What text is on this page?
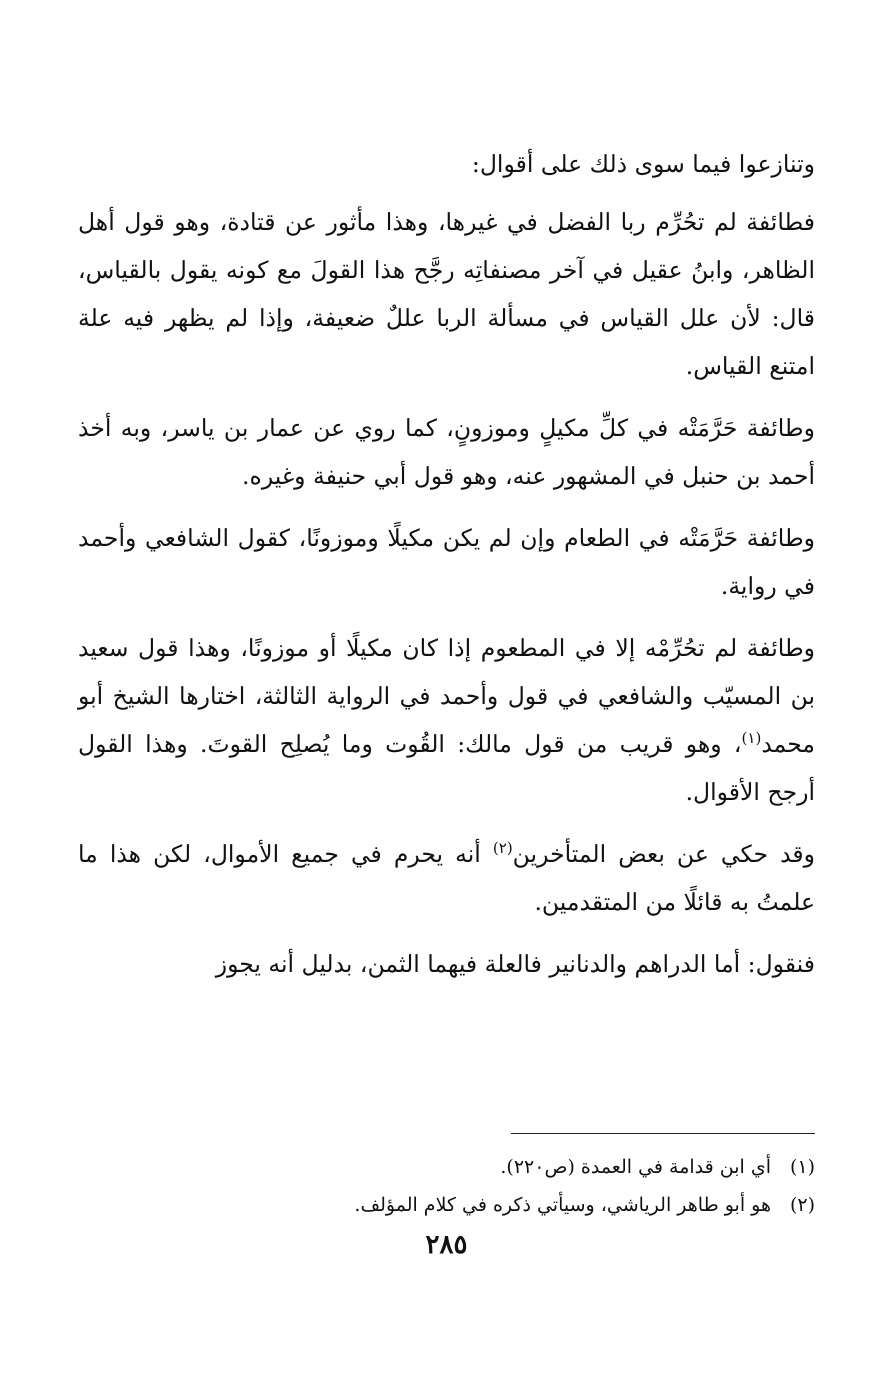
وتنازعوا فيما سوى ذلك على أقوال:

فطائفة لم تحُرِّم ربا الفضل في غيرها، وهذا مأثور عن قتادة، وهو قول أهل الظاهر، وابنُ عقيل في آخر مصنفاتِه رجَّح هذا القولَ مع كونه يقول بالقياس، قال: لأن علل القياس في مسألة الربا عللٌ ضعيفة، وإذا لم يظهر فيه علة امتنع القياس.

وطائفة حَرَّمَتْه في كلِّ مكيلٍ وموزونٍ، كما روي عن عمار بن ياسر، وبه أخذ أحمد بن حنبل في المشهور عنه، وهو قول أبي حنيفة وغيره.

وطائفة حَرَّمَتْه في الطعام وإن لم يكن مكيلًا وموزونًا، كقول الشافعي وأحمد في رواية.

وطائفة لم تحُرِّمْه إلا في المطعوم إذا كان مكيلًا أو موزونًا، وهذا قول سعيد بن المسيّب والشافعي في قول وأحمد في الرواية الثالثة، اختارها الشيخ أبو محمد$^{(١)}$، وهو قريب من قول مالك: القُوت وما يُصلِح القوتَ. وهذا القول أرجح الأقوال.

وقد حكي عن بعض المتأخرين$^{(٢)}$ أنه يحرم في جميع الأموال، لكن هذا ما علمتُ به قائلًا من المتقدمين.

فنقول: أما الدراهم والدنانير فالعلة فيهما الثمن، بدليل أنه يجوز

(١)
أي ابن قدامة في العمدة (ص٢٢٠).
(٢)
هو أبو طاهر الرياشي، وسيأتي ذكره في كلام المؤلف.
٢٨٥
